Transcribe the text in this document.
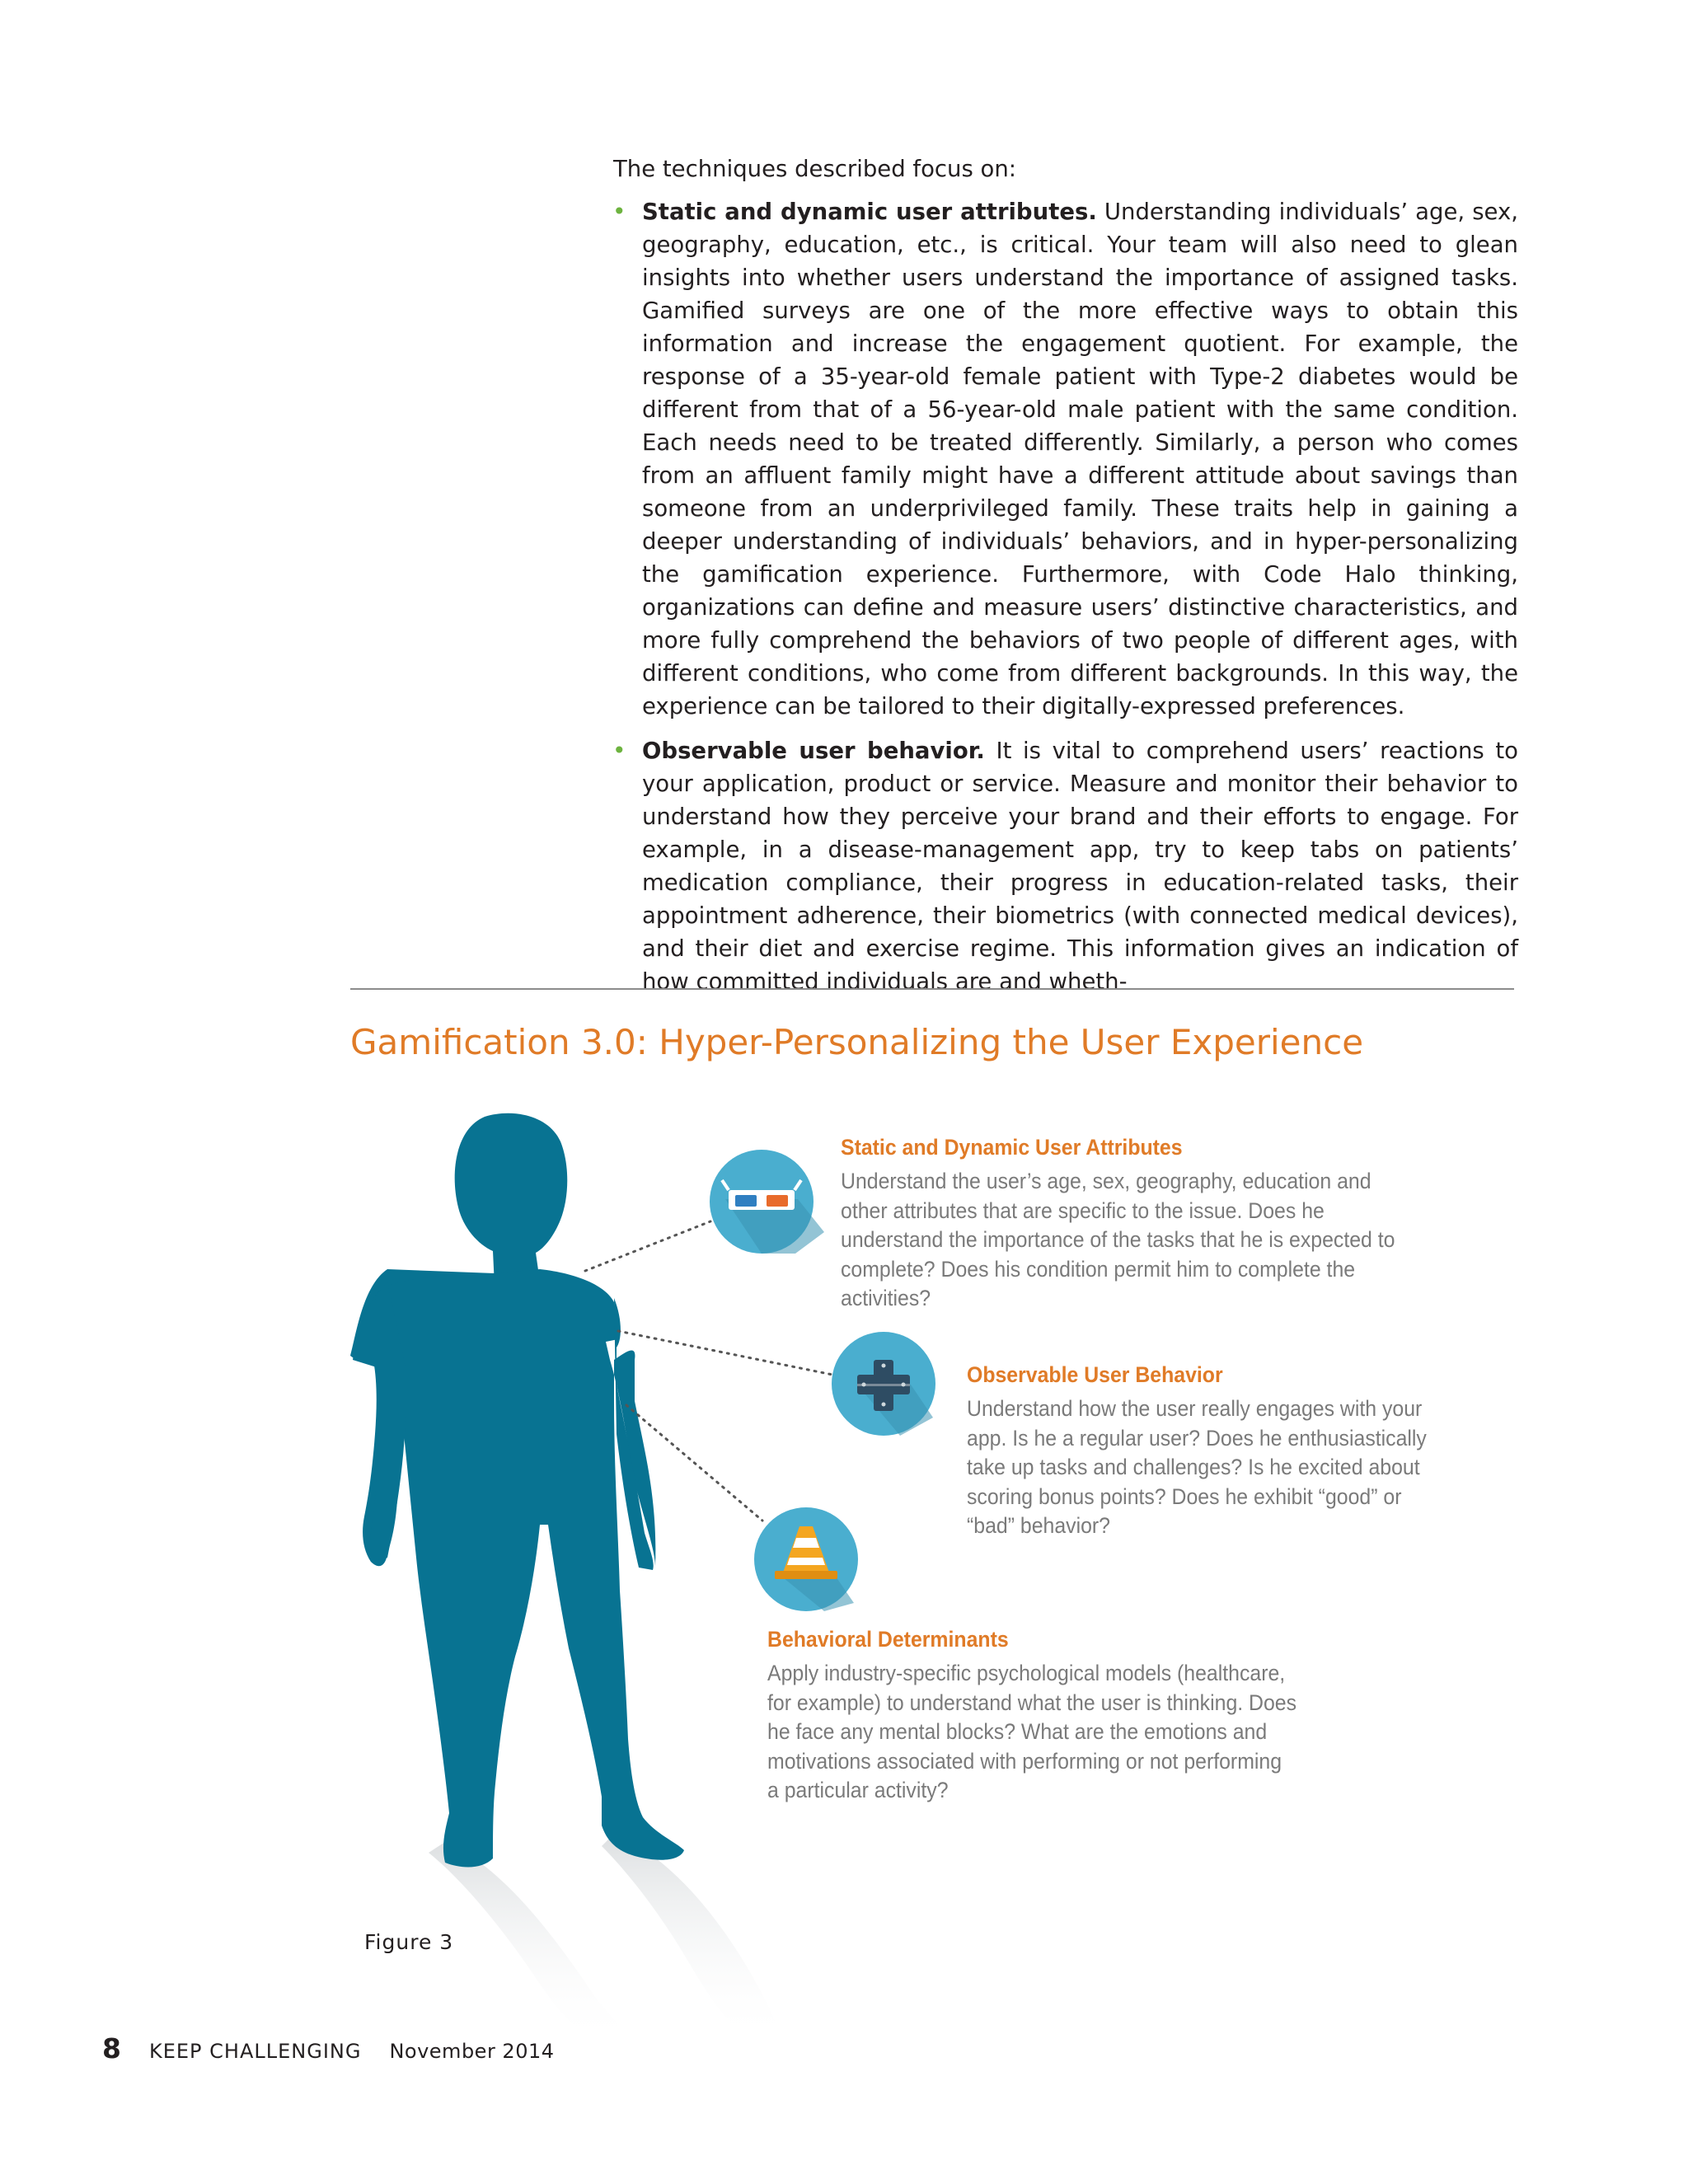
The techniques described focus on:

• Static and dynamic user attributes. Understanding individuals’ age, sex, geography, education, etc., is critical. Your team will also need to glean insights into whether users understand the importance of assigned tasks. Gamified surveys are one of the more effective ways to obtain this information and increase the engagement quotient. For example, the response of a 35-year-old female patient with Type-2 diabetes would be different from that of a 56-year-old male patient with the same condition. Each needs need to be treated differently. Similarly, a person who comes from an affluent family might have a different attitude about savings than someone from an underprivileged family. These traits help in gaining a deeper understanding of individuals’ behaviors, and in hyper-personalizing the gamification experience. Furthermore, with Code Halo thinking, organizations can define and measure users’ distinctive characteristics, and more fully comprehend the behaviors of two people of different ages, with different conditions, who come from different backgrounds. In this way, the experience can be tailored to their digitally-expressed preferences.
• Observable user behavior. It is vital to comprehend users’ reactions to your application, product or service. Measure and monitor their behavior to understand how they perceive your brand and their efforts to engage. For example, in a disease-management app, try to keep tabs on patients’ medication compliance, their progress in education-related tasks, their appointment adherence, their biometrics (with connected medical devices), and their diet and exercise regime. This information gives an indication of how committed individuals are and wheth-
Gamification 3.0: Hyper-Personalizing the User Experience

Static and Dynamic User Attributes

Understand the user’s age, sex, geography, education and other attributes that are specific to the issue. Does he understand the importance of the tasks that he is expected to complete? Does his condition permit him to complete the activities?

Observable User Behavior

Understand how the user really engages with your app. Is he a regular user? Does he enthusiastically take up tasks and challenges? Is he excited about scoring bonus points? Does he exhibit “good” or “bad” behavior?

Behavioral Determinants

Apply industry-specific psychological models (healthcare, for example) to understand what the user is thinking. Does he face any mental blocks? What are the emotions and motivations associated with performing or not performing a particular activity?

Figure 3
8 KEEP CHALLENGING November 2014
